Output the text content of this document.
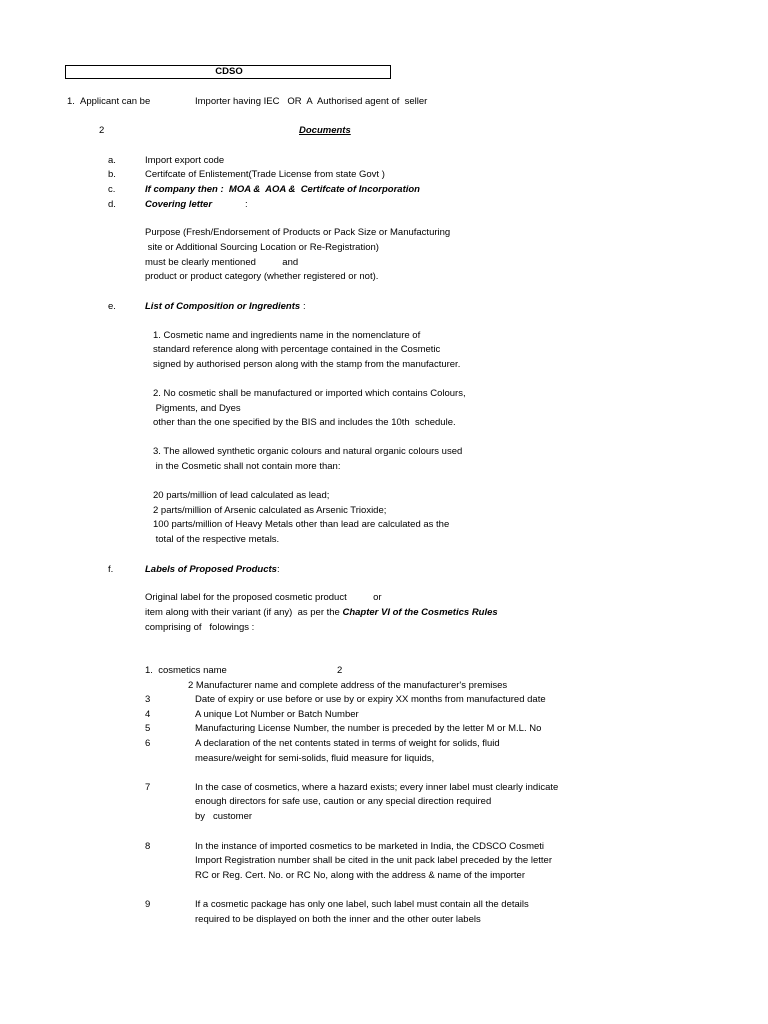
CDSO
1. Applicant can be	Importer having IEC   OR  A  Authorised agent of  seller
2	Documents
a.	Import export code
b.	Certifcate of Enlistement(Trade License from state Govt )
c.	If company then :  MOA &  AOA &  Certifcate of Incorporation
d.	Covering letter	:
Purpose (Fresh/Endorsement of Products or Pack Size or Manufacturing
site or Additional Sourcing Location or Re-Registration)
must be clearly mentioned          and
product or product category (whether registered or not).
e.	List of Composition or Ingredients :
1. Cosmetic name and ingredients name in the nomenclature of
standard reference along with percentage contained in the Cosmetic
signed by authorised person along with the stamp from the manufacturer.
2. No cosmetic shall be manufactured or imported which contains Colours,
Pigments, and Dyes
other than the one specified by the BIS and includes the 10th  schedule.
3. The allowed synthetic organic colours and natural organic colours used
in the Cosmetic shall not contain more than:
20 parts/million of lead calculated as lead;
2 parts/million of Arsenic calculated as Arsenic Trioxide;
100 parts/million of Heavy Metals other than lead are calculated as the
total of the respective metals.
f.	Labels of Proposed Products :
Original label for the proposed cosmetic product          or
item along with their variant (if any)  as per the Chapter VI of the Cosmetics Rules
comprising of   folowings :
1.  cosmetics name	2
2 Manufacturer name and complete address of the manufacturer's premises
3	Date of expiry or use before or use by or expiry XX months from manufactured date
4	A unique Lot Number or Batch Number
5	Manufacturing License Number, the number is preceded by the letter M or M.L. No
6	A declaration of the net contents stated in terms of weight for solids, fluid
measure/weight for semi-solids, fluid measure for liquids,
7	In the case of cosmetics, where a hazard exists; every inner label must clearly indicate
enough directors for safe use, caution or any special direction required
by   customer
8	In the instance of imported cosmetics to be marketed in India, the CDSCO Cosmeti
Import Registration number shall be cited in the unit pack label preceded by the letter
RC or Reg. Cert. No. or RC No, along with the address & name of the importer
9	If a cosmetic package has only one label, such label must contain all the details
required to be displayed on both the inner and the other outer labels
